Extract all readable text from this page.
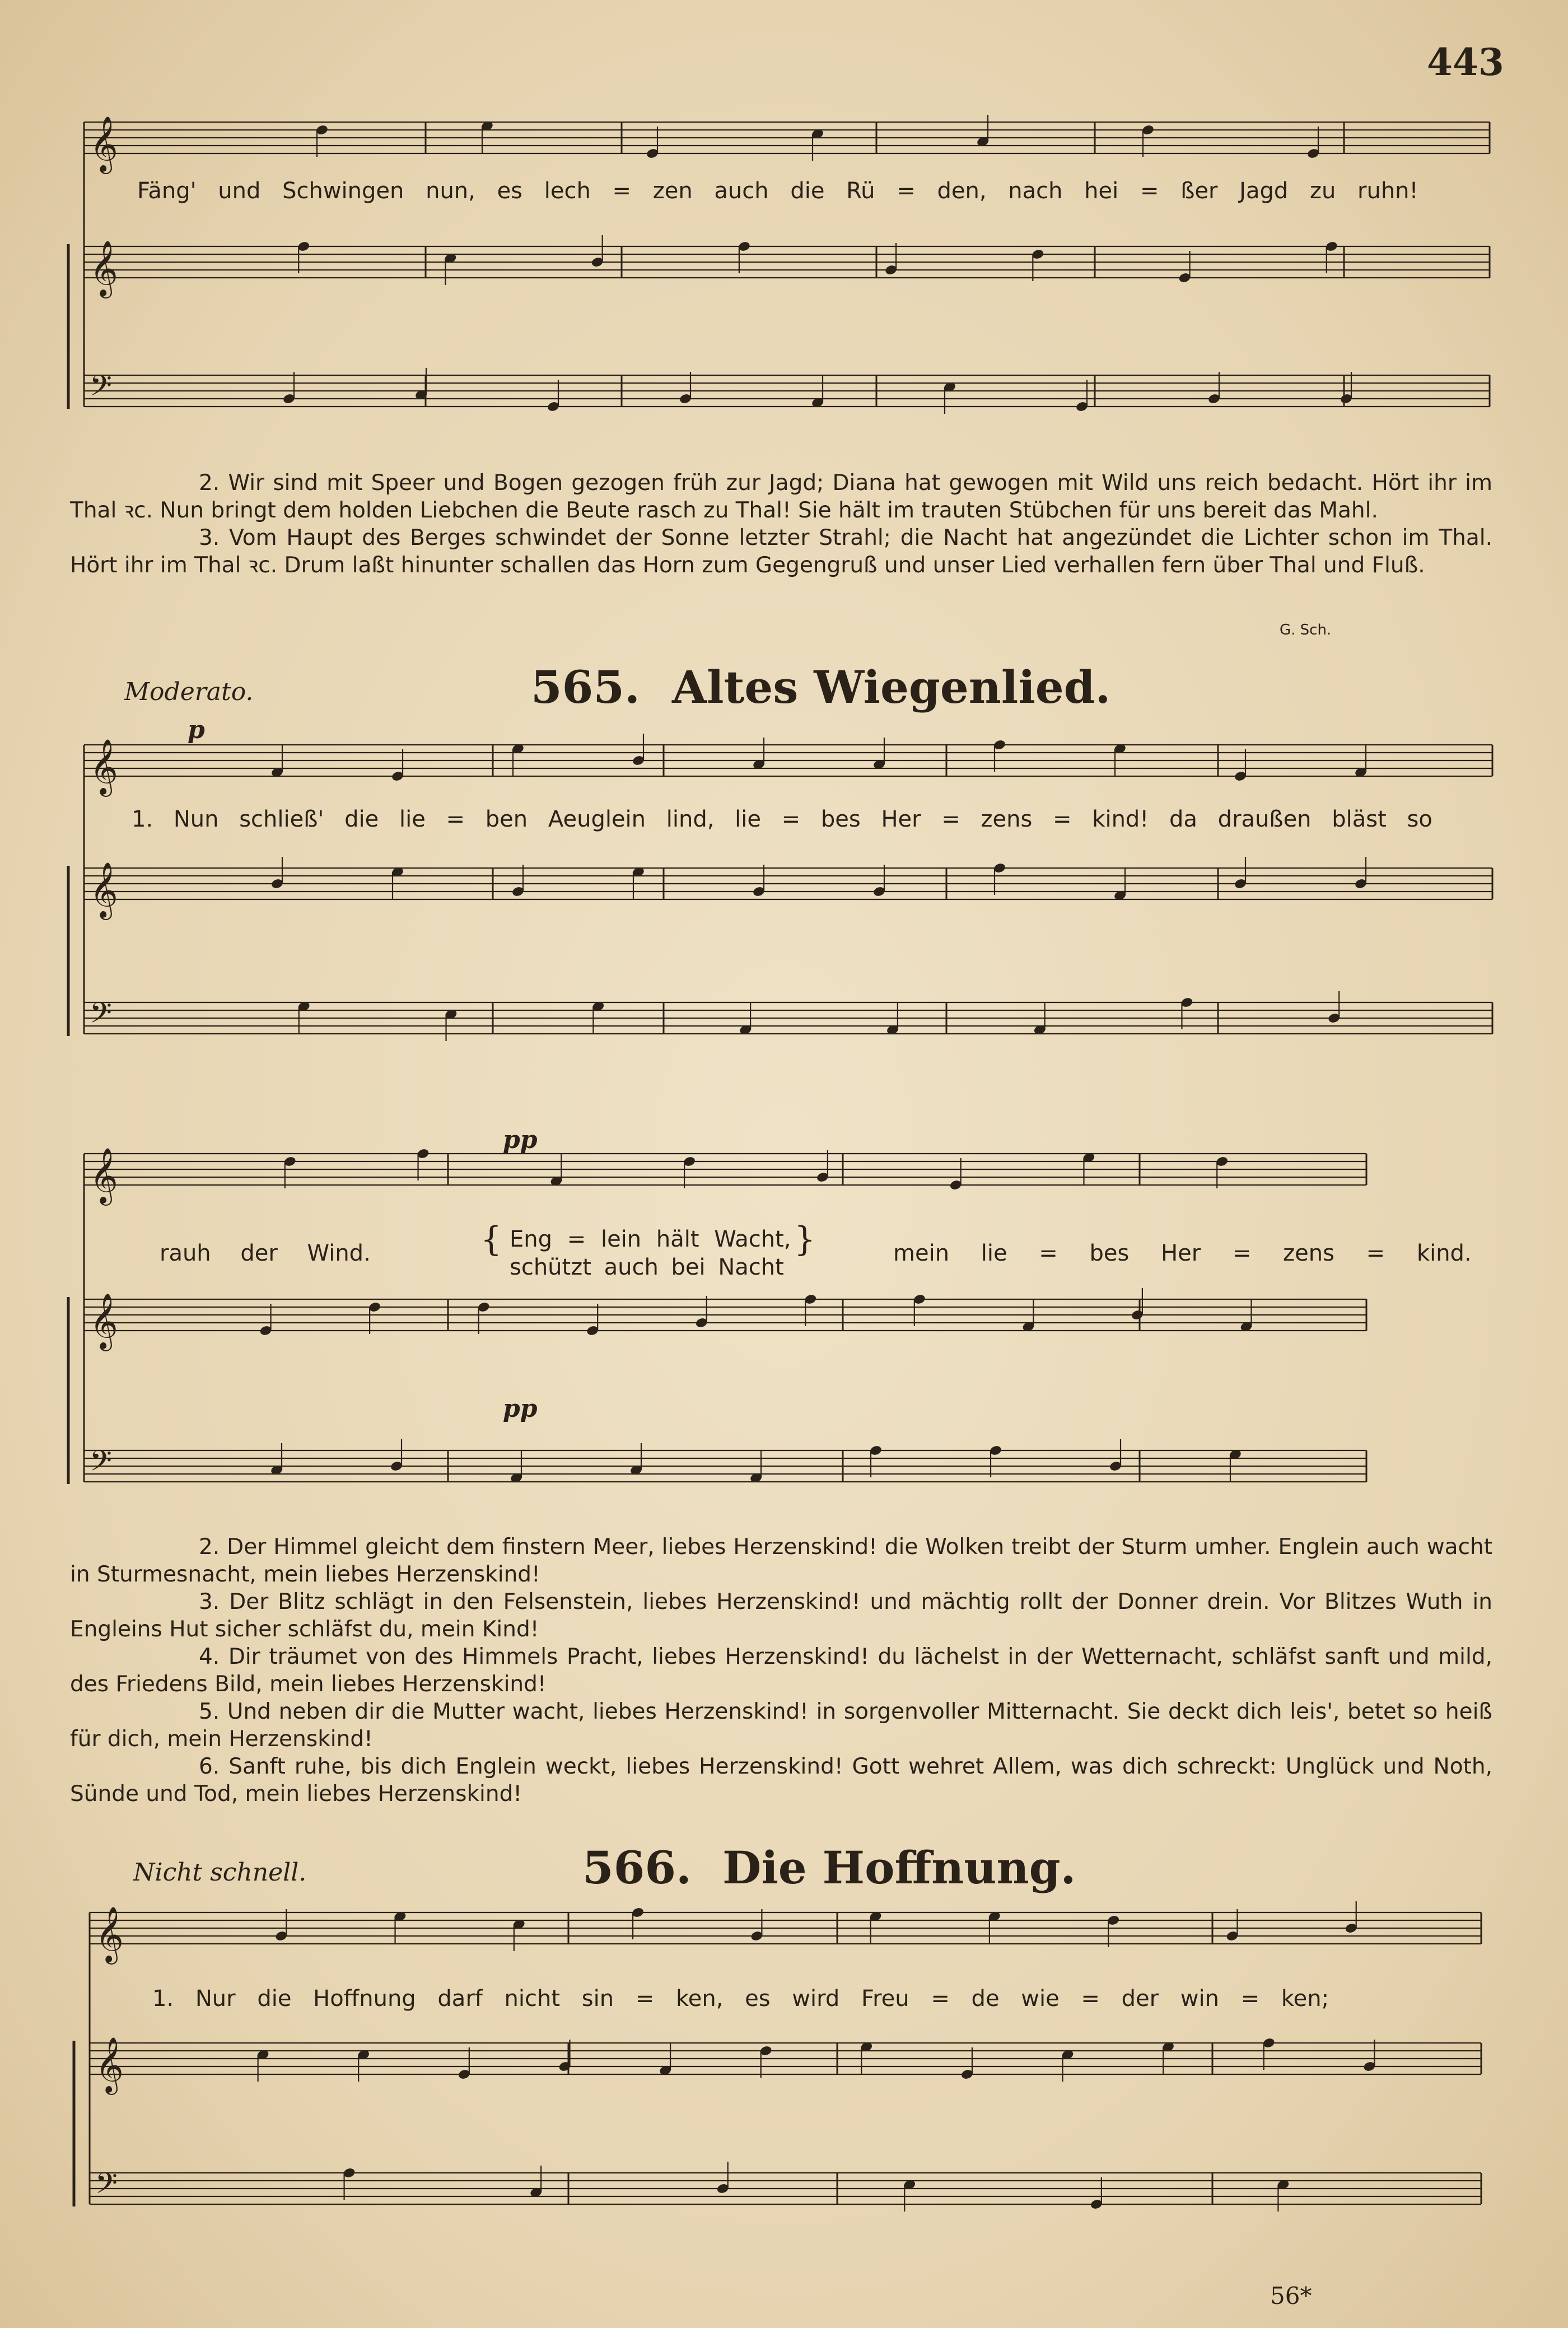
443
𝄞
𝄞
𝄢
𝄞
𝄞
𝄢
𝄞
𝄞
𝄢
𝄞
𝄞
𝄢
Fäng' und Schwingen nun, es lech = zen auch die Rü = den, nach hei = ßer Jagd zu ruhn!

2. Wir sind mit Speer und Bogen gezogen früh zur Jagd; Diana hat gewogen mit Wild uns reich bedacht. Hört ihr im Thal ꝛc. Nun bringt dem holden Liebchen die Beute rasch zu Thal! Sie hält im trauten Stübchen für uns bereit das Mahl.

3. Vom Haupt des Berges schwindet der Sonne letzter Strahl; die Nacht hat angezündet die Lichter schon im Thal. Hört ihr im Thal ꝛc. Drum laßt hinunter schallen das Horn zum Gegengruß und unser Lied verhallen fern über Thal und Fluß.

G. Sch.
Moderato.	565. Altes Wiegenlied.
p
1. Nun schließ' die lie = ben Aeuglein lind, lie = bes Her = zens = kind! da draußen bläst so
pp
pp
rauh der Wind.	{ Eng = lein hält Wacht,
schützt auch bei Nacht
}	mein lie = bes Her = zens = kind.

2. Der Himmel gleicht dem finstern Meer, liebes Herzenskind! die Wolken treibt der Sturm umher. Englein auch wacht in Sturmesnacht, mein liebes Herzenskind!

3. Der Blitz schlägt in den Felsenstein, liebes Herzenskind! und mächtig rollt der Donner drein. Vor Blitzes Wuth in Engleins Hut sicher schläfst du, mein Kind!

4. Dir träumet von des Himmels Pracht, liebes Herzenskind! du lächelst in der Wetternacht, schläfst sanft und mild, des Friedens Bild, mein liebes Herzenskind!

5. Und neben dir die Mutter wacht, liebes Herzenskind! in sorgenvoller Mitternacht. Sie deckt dich leis', betet so heiß für dich, mein Herzenskind!

6. Sanft ruhe, bis dich Englein weckt, liebes Herzenskind! Gott wehret Allem, was dich schreckt: Unglück und Noth, Sünde und Tod, mein liebes Herzenskind!

Nicht schnell.	566. Die Hoffnung.
1. Nur die Hoffnung darf nicht sin = ken, es wird Freu = de wie = der win = ken;
56*
